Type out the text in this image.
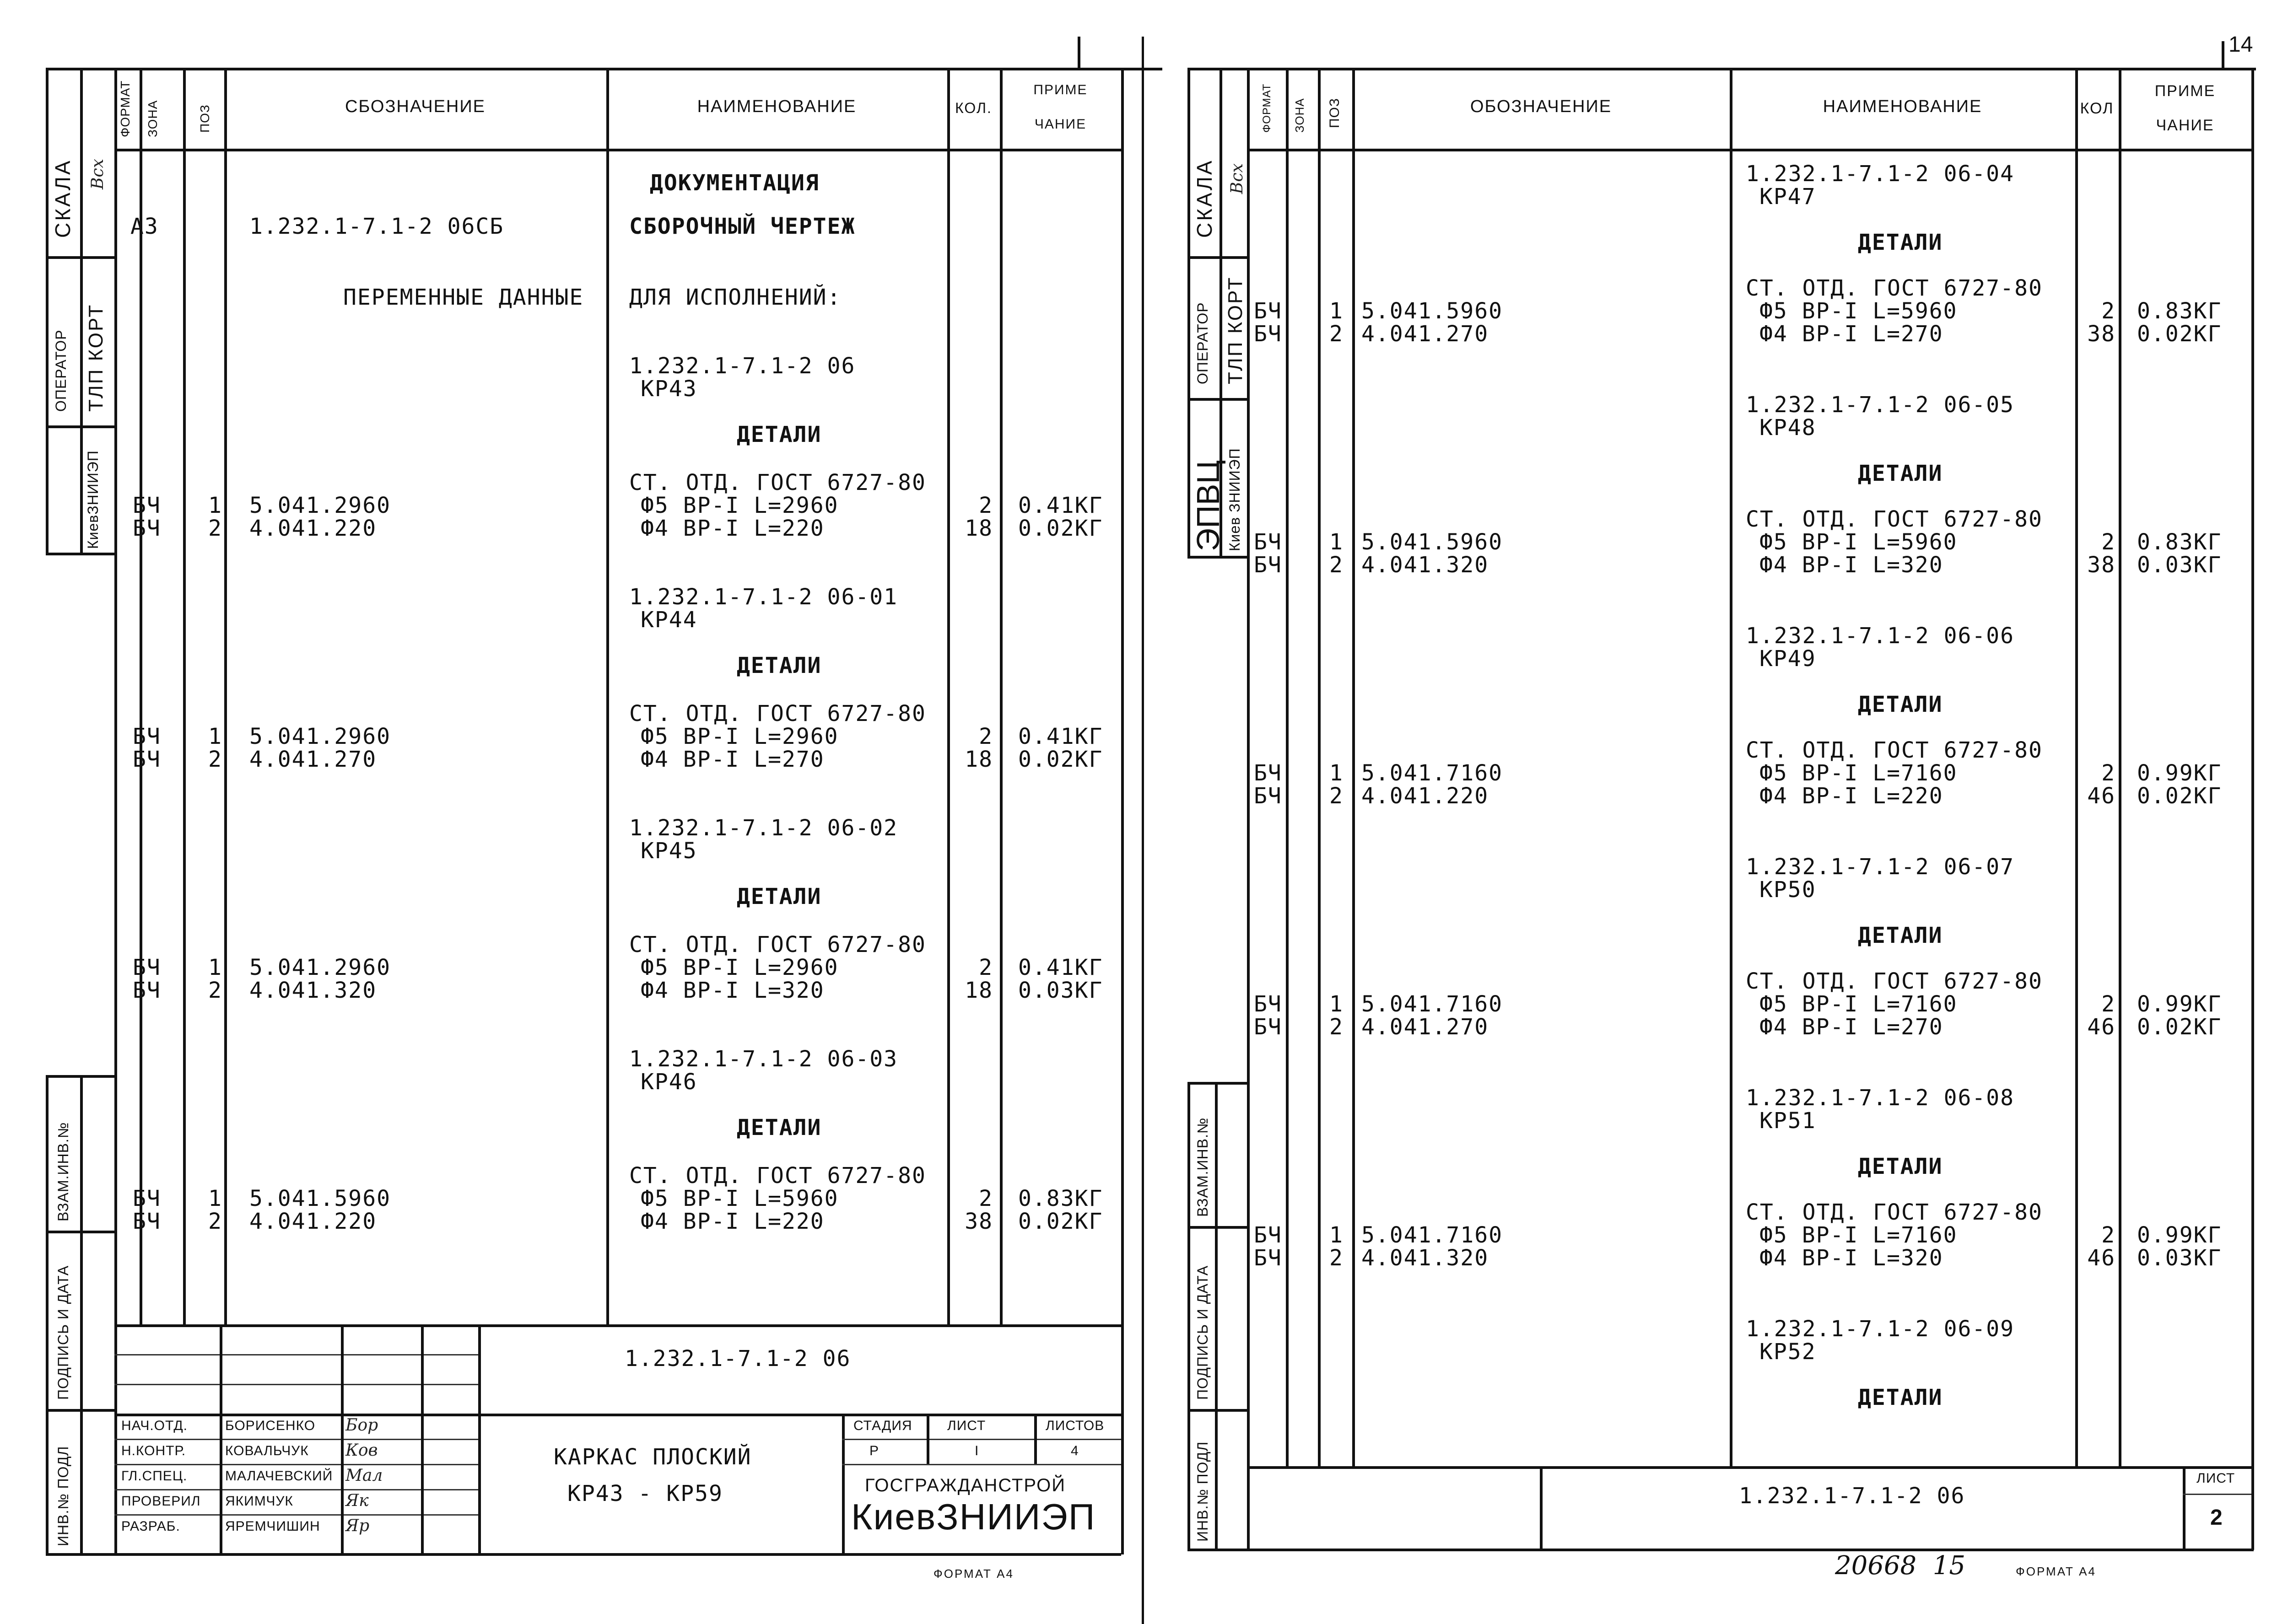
СКАЛА Всх
ОПЕРАТОР ТЛП КОРТ
КиевЗНИИЭП
ВЗАМ.ИНВ.№
ПОДПИСЬ И ДАТА
ИНВ.№ ПОДЛ
ФОРМАТ ЗОНА	ПОЗ	СБОЗНАЧЕНИЕ	НАИМЕНОВАНИЕ	КОЛ.
ПРИМЕ
ЧАНИЕ
ДОКУМЕНТАЦИЯ
А3	1.232.1-7.1-2 06СБ	СБОРОЧНЫЙ ЧЕРТЕЖ
ПЕРЕМЕННЫЕ ДАННЫЕ ДЛЯ ИСПОЛНЕНИЙ:
1.232.1-7.1-2 06
КР43
ДЕТАЛИ
СТ. ОТД. ГОСТ 6727-80
БЧ 1 5.041.2960	Ф5 ВР-I L=2960	2 0.41КГ
БЧ 2 4.041.220	Ф4 ВР-I L=220	18 0.02КГ
1.232.1-7.1-2 06-01
КР44
ДЕТАЛИ
СТ. ОТД. ГОСТ 6727-80
БЧ 1 5.041.2960	Ф5 ВР-I L=2960	2 0.41КГ
БЧ 2 4.041.270	Ф4 ВР-I L=270	18 0.02КГ
1.232.1-7.1-2 06-02
КР45
ДЕТАЛИ
СТ. ОТД. ГОСТ 6727-80
БЧ 1 5.041.2960	Ф5 ВР-I L=2960	2 0.41КГ
БЧ 2 4.041.320	Ф4 ВР-I L=320	18 0.03КГ
1.232.1-7.1-2 06-03
КР46
ДЕТАЛИ
СТ. ОТД. ГОСТ 6727-80
БЧ 1 5.041.5960	Ф5 ВР-I L=5960	2 0.83КГ
БЧ 2 4.041.220	Ф4 ВР-I L=220	38 0.02КГ
1.232.1-7.1-2 06
НАЧ.ОТД.	БОРИСЕНКО
Н.КОНТР.	КОВАЛЬЧУК
ГЛ.СПЕЦ.	МАЛАЧЕВСКИЙ
ПРОВЕРИЛ ЯКИМЧУК
РАЗРАБ.	ЯРЕМЧИШИН
Бор
Ков
Мал
Як
Яр
КАРКАС ПЛОСКИЙ
КР43 - КР59
СТАДИЯ	ЛИСТ	ЛИСТОВ
Р	I	4
ГОСГРАЖДАНСТРОЙ
КиевЗНИИЭП
ФОРМАТ А4
14
СКАЛА Всх
ОПЕРАТОР ТЛП КОРТ
ЭПВЦ Киев ЗНИИЭП
ВЗАМ.ИНВ.№
ПОДПИСЬ И ДАТА
ИНВ.№ ПОДЛ
ФОРМАТ ЗОНА ПОЗ	ОБОЗНАЧЕНИЕ	НАИМЕНОВАНИЕ	КОЛ
ПРИМЕ
ЧАНИЕ
1.232.1-7.1-2 06-04
КР47
ДЕТАЛИ
СТ. ОТД. ГОСТ 6727-80
БЧ 1 5.041.5960	Ф5 ВР-I L=5960	2 0.83КГ
БЧ 2 4.041.270	Ф4 ВР-I L=270	38 0.02КГ
1.232.1-7.1-2 06-05
КР48
ДЕТАЛИ
СТ. ОТД. ГОСТ 6727-80
БЧ 1 5.041.5960	Ф5 ВР-I L=5960	2 0.83КГ
БЧ 2 4.041.320	Ф4 ВР-I L=320	38 0.03КГ
1.232.1-7.1-2 06-06
КР49
ДЕТАЛИ
СТ. ОТД. ГОСТ 6727-80
БЧ 1 5.041.7160	Ф5 ВР-I L=7160	2 0.99КГ
БЧ 2 4.041.220	Ф4 ВР-I L=220	46 0.02КГ
1.232.1-7.1-2 06-07
КР50
ДЕТАЛИ
СТ. ОТД. ГОСТ 6727-80
БЧ 1 5.041.7160	Ф5 ВР-I L=7160	2 0.99КГ
БЧ 2 4.041.270	Ф4 ВР-I L=270	46 0.02КГ
1.232.1-7.1-2 06-08
КР51
ДЕТАЛИ
СТ. ОТД. ГОСТ 6727-80
БЧ 1 5.041.7160	Ф5 ВР-I L=7160	2 0.99КГ
БЧ 2 4.041.320	Ф4 ВР-I L=320	46 0.03КГ
1.232.1-7.1-2 06-09
КР52
ДЕТАЛИ
1.232.1-7.1-2 06
ЛИСТ
2
20668  15	ФОРМАТ А4
